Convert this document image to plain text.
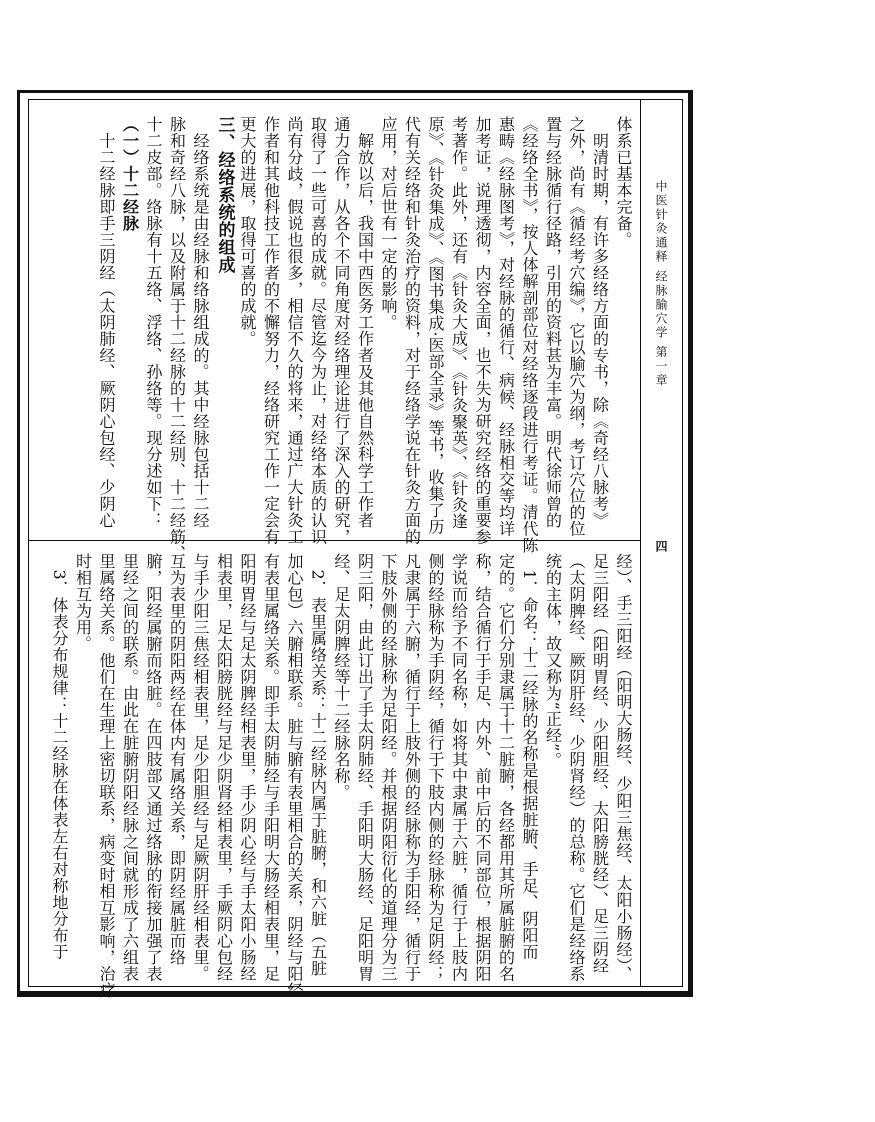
中医针灸通释 经脉腧穴学 第一章
四
体系已基本完备。
　明清时期，有许多经络方面的专书，除《奇经八脉考》
之外，尚有《循经考穴编》，它以腧穴为纲，考订穴位的位
置与经脉循行径路，引用的资料甚为丰富。明代徐师曾的
《经络全书》，按人体解剖部位对经络逐段进行考证。清代陈
惠畴《经脉图考》，对经脉的循行、病候、经脉相交等均详
加考证，说理透彻，内容全面，也不失为研究经络的重要参
考著作。此外，还有《针灸大成》、《针灸聚英》、《针灸逢
原》、《针灸集成》、《图书集成·医部全录》等书，收集了历
代有关经络和针灸治疗的资料，对于经络学说在针灸方面的
应用，对后世有一定的影响。
　解放以后，我国中西医务工作者及其他自然科学工作者
通力合作，从各个不同角度对经络理论进行了深入的研究，
取得了一些可喜的成就。尽管迄今为止，对经络本质的认识
尚有分歧，假说也很多，相信不久的将来，通过广大针灸工
作者和其他科技工作者的不懈努力，经络研究工作一定会有
更大的进展，取得可喜的成就。
三、经络系统的组成
　经络系统是由经脉和络脉组成的。其中经脉包括十二经
脉和奇经八脉，以及附属于十二经脉的十二经别、十二经筋、
十二皮部。络脉有十五络、浮络、孙络等。现分述如下：
（一）十二经脉
　十二经脉即手三阴经（太阴肺经、厥阴心包经、少阴心
经）、手三阳经（阳明大肠经、少阳三焦经、太阳小肠经）、
足三阳经（阳明胃经、少阳胆经、太阳膀胱经）、足三阴经
（太阴脾经、厥阴肝经、少阴肾经）的总称。它们是经络系
统的主体，故又称为“正经”。
　1．命名：十二经脉的名称是根据脏腑、手足、阴阳而
定的。它们分别隶属于十二脏腑，各经都用其所属脏腑的名
称，结合循行于手足、内外、前中后的不同部位，根据阴阳
学说而给予不同名称，如将其中隶属于六脏，循行于上肢内
侧的经脉称为手阴经，循行于下肢内侧的经脉称为足阴经；
凡隶属于六腑，循行于上肢外侧的经脉称为手阳经，循行于
下肢外侧的经脉称为足阳经。并根据阴阳衍化的道理分为三
阴三阳，由此订出了手太阴肺经、手阳明大肠经、足阳明胃
经、足太阴脾经等十二经脉名称。
　2．表里属络关系：十二经脉内属于脏腑，和六脏（五脏
加心包）六腑相联系。脏与腑有表里相合的关系，阴经与阳经
有表里属络关系。即手太阴肺经与手阳明大肠经相表里，足
阳明胃经与足太阴脾经相表里，手少阴心经与手太阳小肠经
相表里，足太阳膀胱经与足少阴肾经相表里，手厥阴心包经
与手少阳三焦经相表里，足少阳胆经与足厥阴肝经相表里。
互为表里的阴阳两经在体内有属络关系，即阴经属脏而络
腑，阳经属腑而络脏。在四肢部又通过络脉的衔接加强了表
里经之间的联系。由此在脏腑阴阳经脉之间就形成了六组表
里属络关系。他们在生理上密切联系，病变时相互影响，治疗
时相互为用。
　3．体表分布规律：十二经脉在体表左右对称地分布于
